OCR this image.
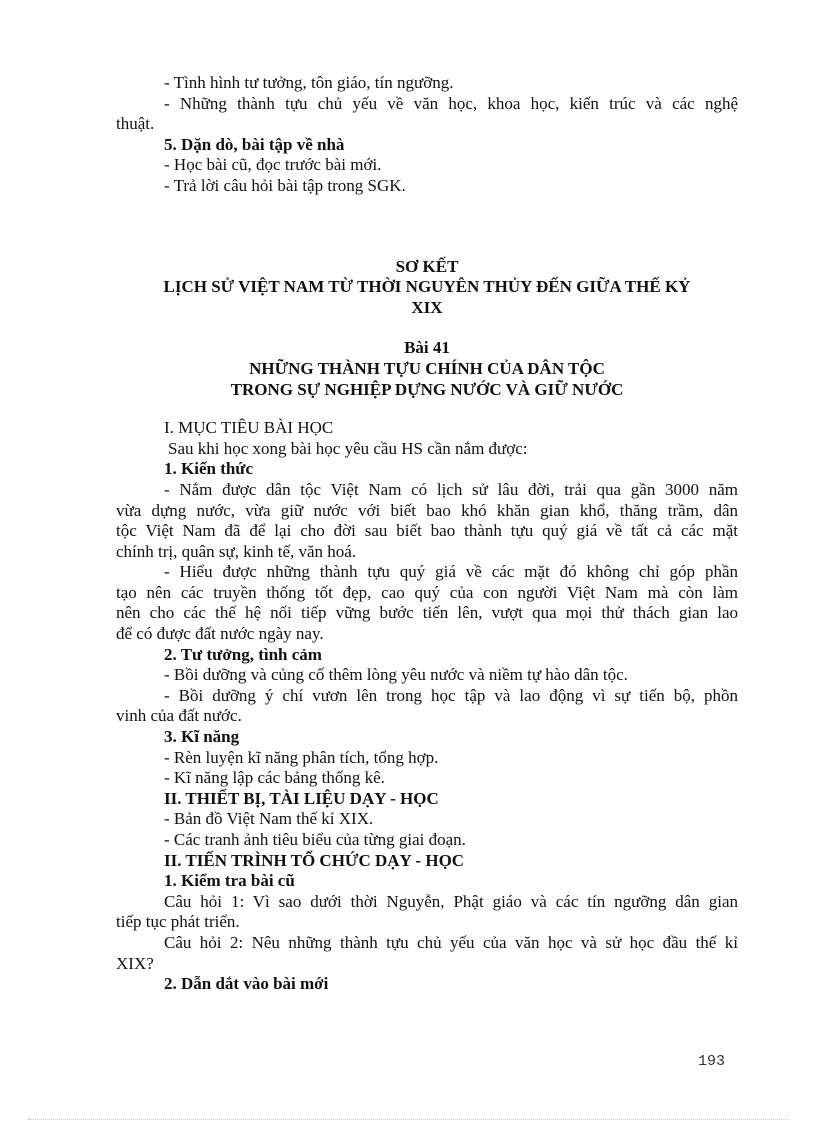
- Tình hình tư tưởng, tôn giáo, tín ngưỡng.

- Những thành tựu chủ yếu về văn học, khoa học, kiến trúc và các nghệ

thuật.

5. Dặn dò, bài tập về nhà

- Học bài cũ, đọc trước bài mới.

- Trả lời câu hỏi bài tập trong SGK.

SƠ KẾT

LỊCH SỬ VIỆT NAM TỪ THỜI NGUYÊN THỦY ĐẾN GIỮA THẾ KỶ

XIX

Bài 41

NHỮNG THÀNH TỰU CHÍNH CỦA DÂN TỘC

TRONG SỰ NGHIỆP DỰNG NƯỚC VÀ GIỮ NƯỚC

I. MỤC TIÊU BÀI HỌC

Sau khi học xong bài học yêu cầu HS cần nắm được:

1. Kiến thức

- Nắm được dân tộc Việt Nam có lịch sử lâu đời, trải qua gần 3000 năm

vừa dựng nước, vừa giữ nước với biết bao khó khăn gian khổ, thăng trầm, dân

tộc Việt Nam đã để lại cho đời sau biết bao thành tựu quý giá về tất cả các mặt

chính trị, quân sự, kinh tế, văn hoá.

- Hiểu được những thành tựu quý giá về các mặt đó không chỉ góp phần

tạo nên các truyền thống tốt đẹp, cao quý của con người Việt Nam mà còn làm

nên cho các thế hệ nối tiếp vững bước tiến lên, vượt qua mọi thử thách gian lao

để có được đất nước ngày nay.

2. Tư tưởng, tình cảm

- Bồi dưỡng và củng cố thêm lòng yêu nước và niềm tự hào dân tộc.

- Bồi dưỡng ý chí vươn lên trong học tập và lao động vì sự tiến bộ, phồn

vinh của đất nước.

3. Kĩ năng

- Rèn luyện kĩ năng phân tích, tổng hợp.

- Kĩ năng lập các bảng thống kê.

II. THIẾT BỊ, TÀI LIỆU DẠY - HỌC

- Bản đồ Việt Nam thế kỉ XIX.

- Các tranh ảnh tiêu biểu của từng giai đoạn.

II. TIẾN TRÌNH TỔ CHỨC DẠY - HỌC

1. Kiểm tra bài cũ

Câu hỏi 1: Vì sao dưới thời Nguyễn, Phật giáo và các tín ngưỡng dân gian

tiếp tục phát triển.

Câu hỏi 2: Nêu những thành tựu chủ yếu của văn học và sử học đầu thế kỉ

XIX?

2. Dẫn dắt vào bài mới

193
